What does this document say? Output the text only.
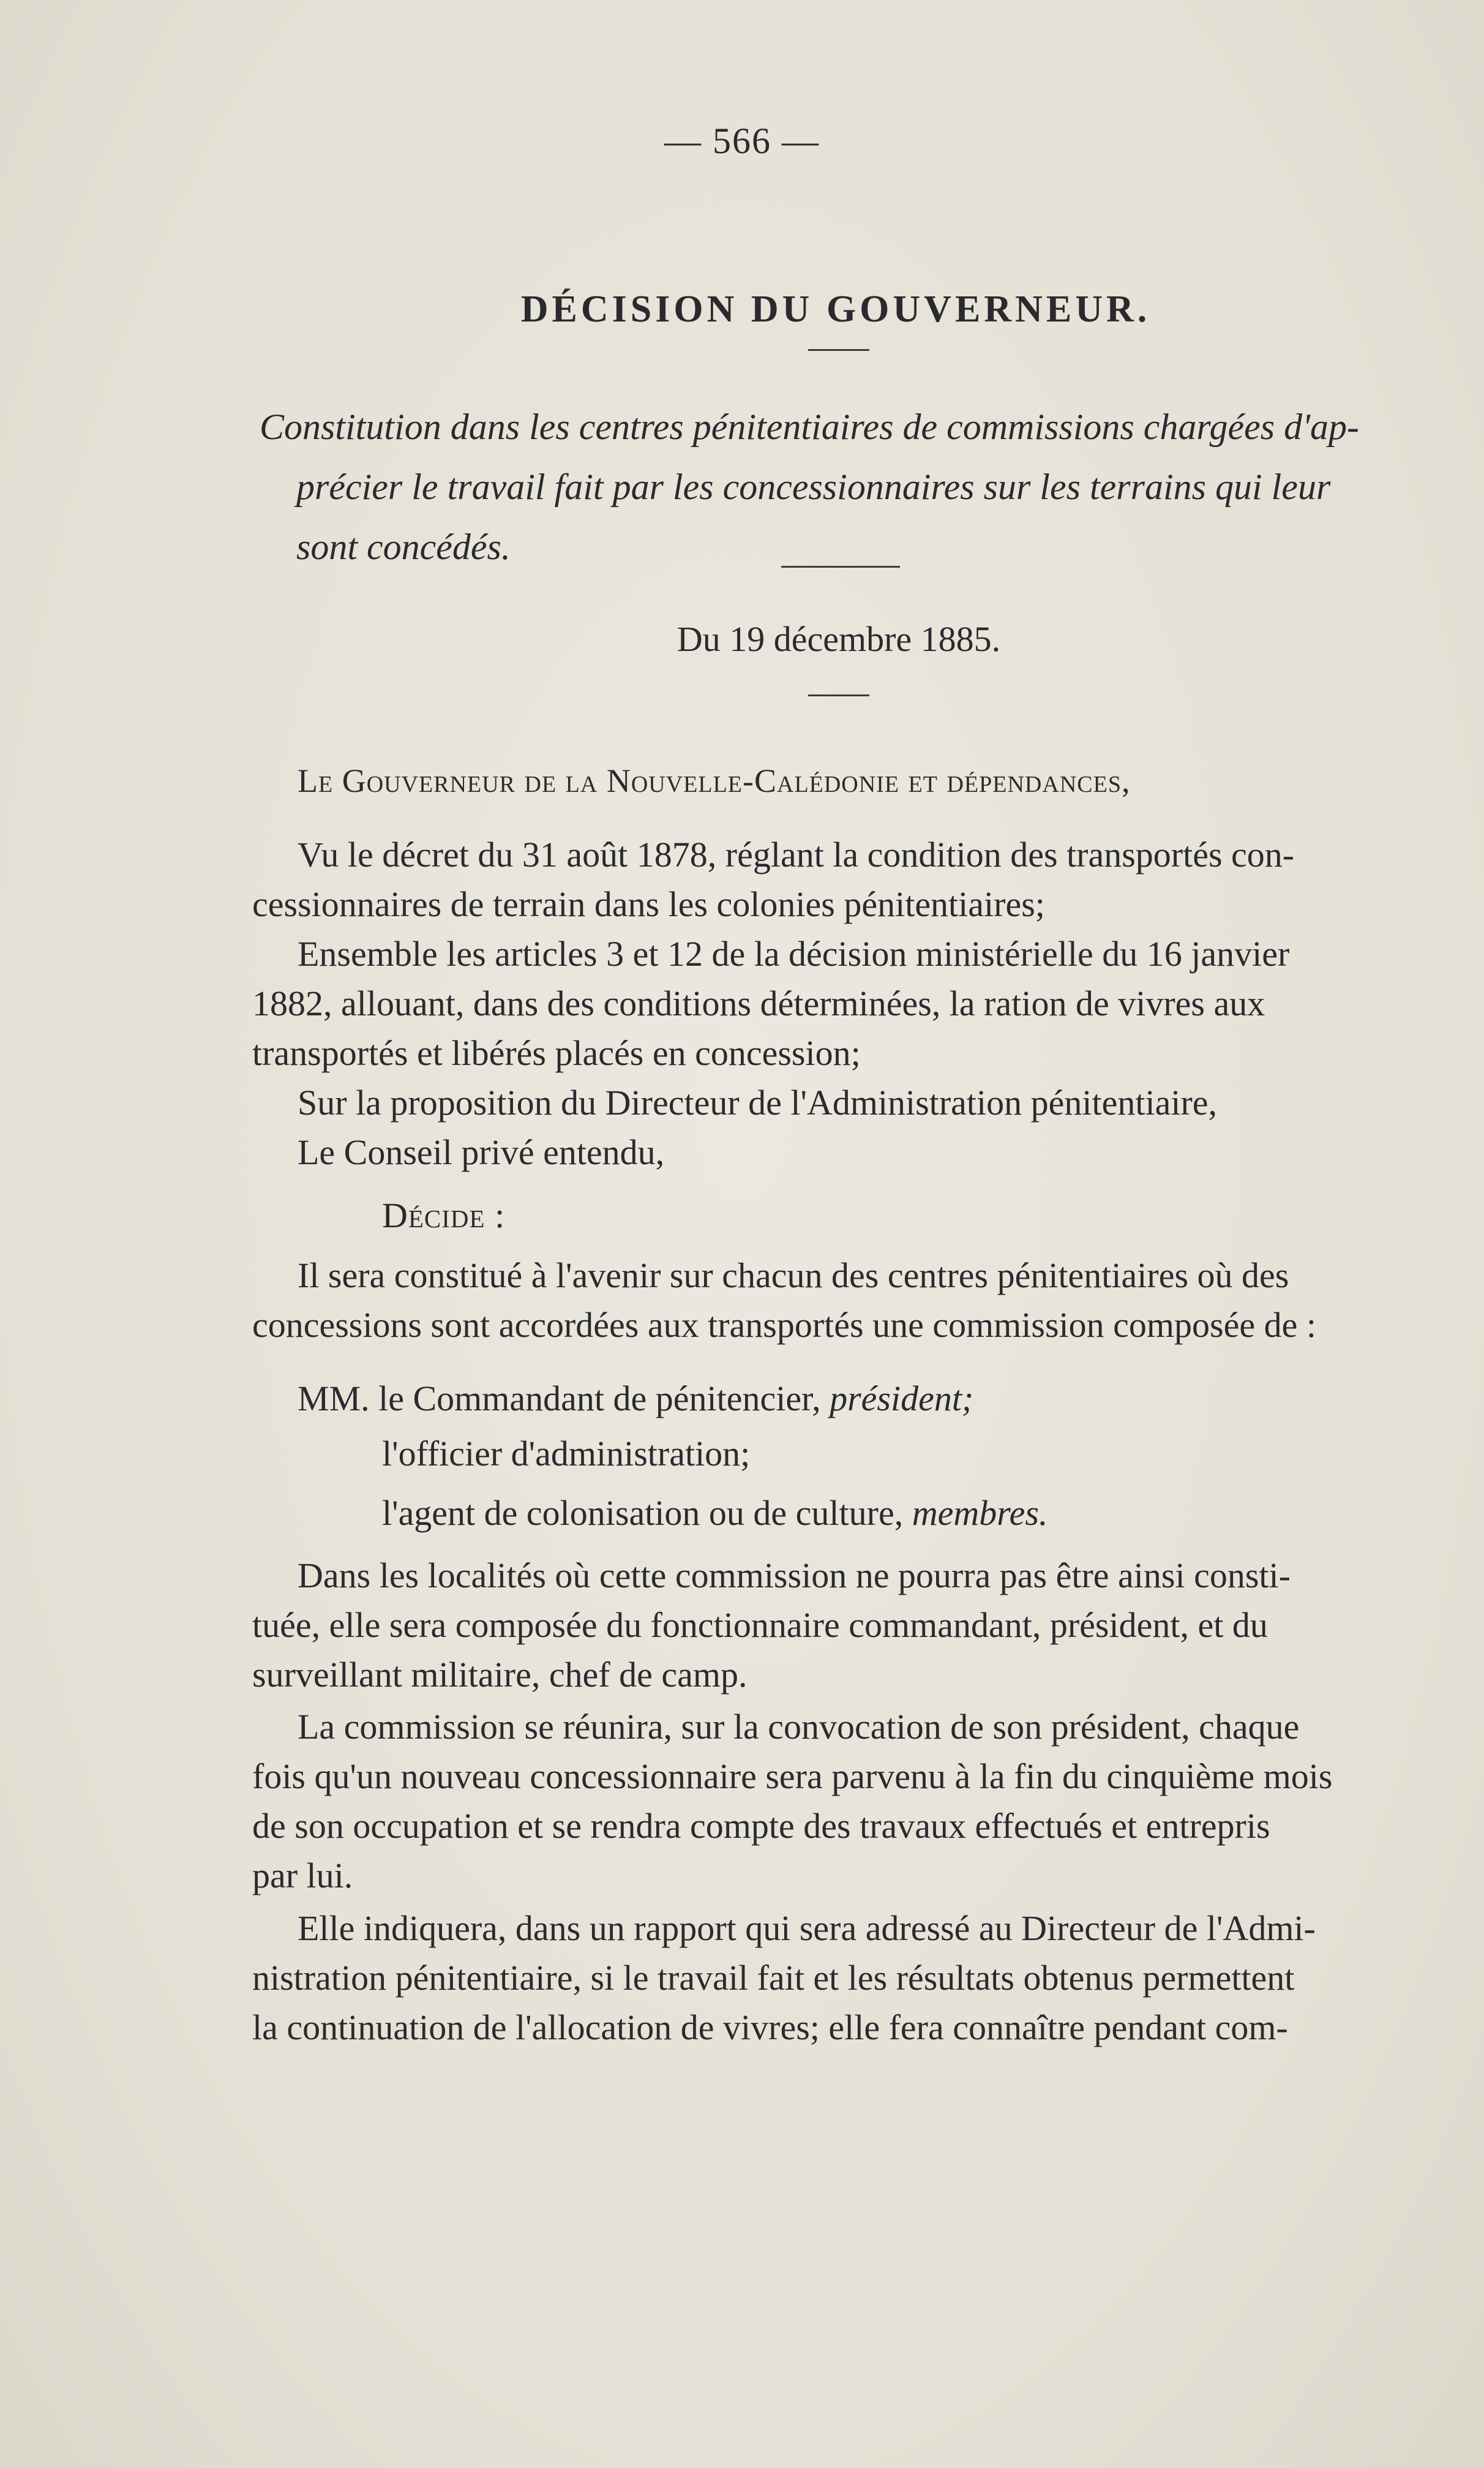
— 566 —
DÉCISION DU GOUVERNEUR.
Constitution dans les centres pénitentiaires de commissions chargées d'ap-
précier le travail fait par les concessionnaires sur les terrains qui leur
sont concédés.
Du 19 décembre 1885.
Le Gouverneur de la Nouvelle-Calédonie et dépendances,
Vu le décret du 31 août 1878, réglant la condition des transportés con-
cessionnaires de terrain dans les colonies pénitentiaires;
Ensemble les articles 3 et 12 de la décision ministérielle du 16 janvier
1882, allouant, dans des conditions déterminées, la ration de vivres aux
transportés et libérés placés en concession;
Sur la proposition du Directeur de l'Administration pénitentiaire,
Le Conseil privé entendu,
Décide :
Il sera constitué à l'avenir sur chacun des centres pénitentiaires où des
concessions sont accordées aux transportés une commission composée de :
MM. le Commandant de pénitencier, président;
l'officier d'administration;
l'agent de colonisation ou de culture, membres.
Dans les localités où cette commission ne pourra pas être ainsi consti-
tuée, elle sera composée du fonctionnaire commandant, président, et du
surveillant militaire, chef de camp.
La commission se réunira, sur la convocation de son président, chaque
fois qu'un nouveau concessionnaire sera parvenu à la fin du cinquième mois
de son occupation et se rendra compte des travaux effectués et entrepris
par lui.
Elle indiquera, dans un rapport qui sera adressé au Directeur de l'Admi-
nistration pénitentiaire, si le travail fait et les résultats obtenus permettent
la continuation de l'allocation de vivres; elle fera connaître pendant com-
